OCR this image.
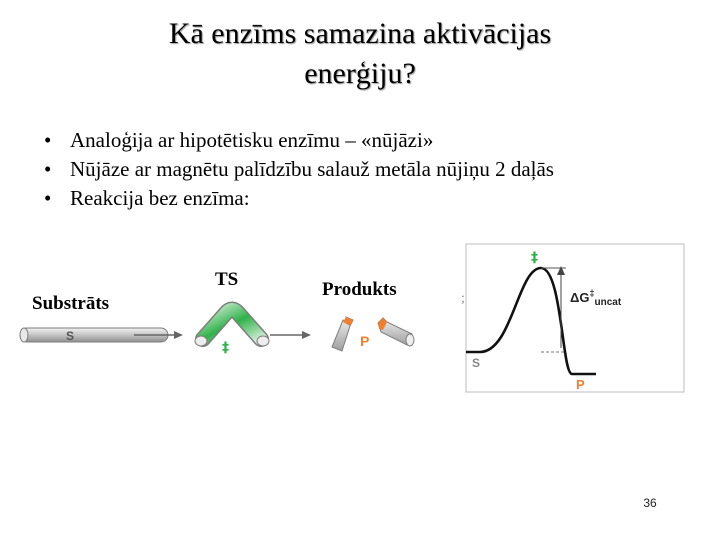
Kā enzīms samazina aktivācijas
enerģiju?
• Analoģija ar hipotētisku enzīmu – «nūjāzi»
• Nūjāze ar magnētu palīdzību salauž metāla nūjiņu 2 daļās
• Reakcija bez enzīma:
Substrāts
TS	Produkts
S
‡	P
;
‡
$\Delta G^\ddagger_{uncat}$
S
P
36
